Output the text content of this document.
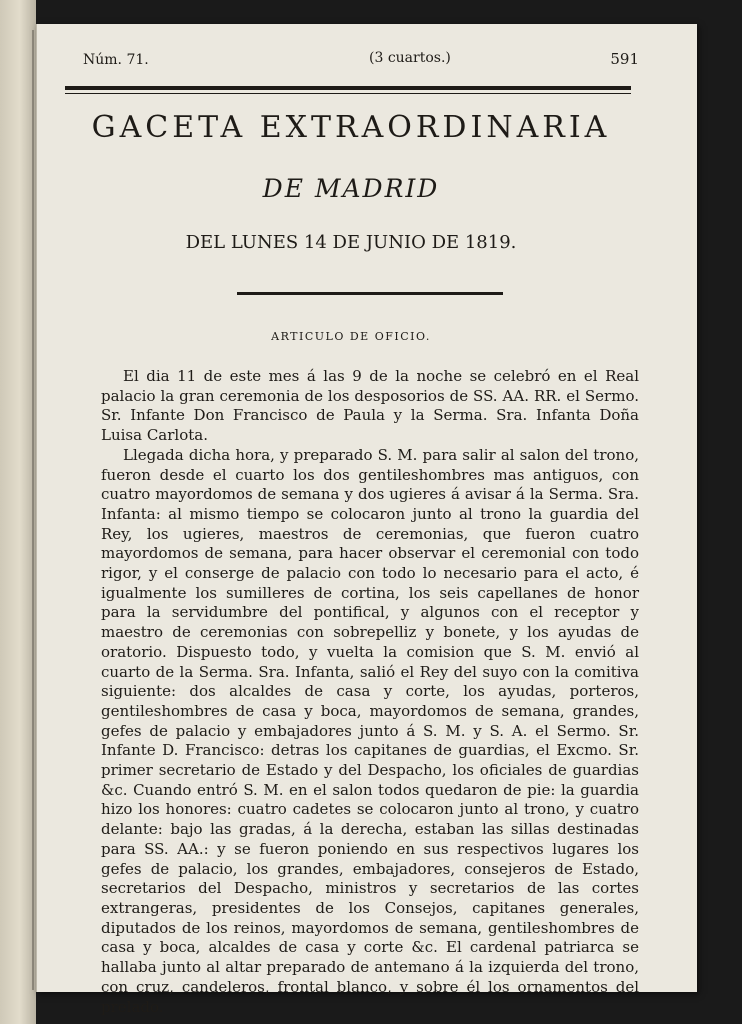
Núm. 71.	(3 cuartos.)	591
GACETA EXTRAORDINARIA
DE MADRID
DEL LUNES 14 DE JUNIO DE 1819.
ARTICULO DE OFICIO.

El dia 11 de este mes á las 9 de la noche se celebró en el Real palacio la gran ceremonia de los desposorios de SS. AA. RR. el Sermo. Sr. Infante Don Francisco de Paula y la Serma. Sra. Infanta Doña Luisa Carlota.

Llegada dicha hora, y preparado S. M. para salir al salon del trono, fueron desde el cuarto los dos gentileshombres mas antiguos, con cuatro mayordomos de semana y dos ugieres á avisar á la Serma. Sra. Infanta: al mismo tiempo se colocaron junto al trono la guardia del Rey, los ugieres, maestros de ceremonias, que fueron cuatro mayordomos de semana, para hacer observar el ceremonial con todo rigor, y el conserge de palacio con todo lo necesario para el acto, é igualmente los sumilleres de cortina, los seis capellanes de honor para la servidumbre del pontifical, y algunos con el receptor y maestro de ceremonias con sobrepelliz y bonete, y los ayudas de oratorio. Dispuesto todo, y vuelta la comision que S. M. envió al cuarto de la Serma. Sra. Infanta, salió el Rey del suyo con la comitiva siguiente: dos alcaldes de casa y corte, los ayudas, porteros, gentileshombres de casa y boca, mayordomos de semana, grandes, gefes de palacio y embajadores junto á S. M. y S. A. el Sermo. Sr. Infante D. Francisco: detras los capitanes de guardias, el Excmo. Sr. primer secretario de Estado y del Despacho, los oficiales de guardias &c. Cuando entró S. M. en el salon todos quedaron de pie: la guardia hizo los honores: cuatro cadetes se colocaron junto al trono, y cuatro delante: bajo las gradas, á la derecha, estaban las sillas destinadas para SS. AA.: y se fueron poniendo en sus respectivos lugares los gefes de palacio, los grandes, embajadores, consejeros de Estado, secretarios del Despacho, ministros y secretarios de las cortes extrangeras, presidentes de los Consejos, capitanes generales, diputados de los reinos, mayordomos de semana, gentileshombres de casa y boca, alcaldes de casa y corte &c. El cardenal patriarca se hallaba junto al altar preparado de antemano á la izquierda del trono, con cruz, candeleros, frontal blanco, y sobre él los ornamentos del prelado.
